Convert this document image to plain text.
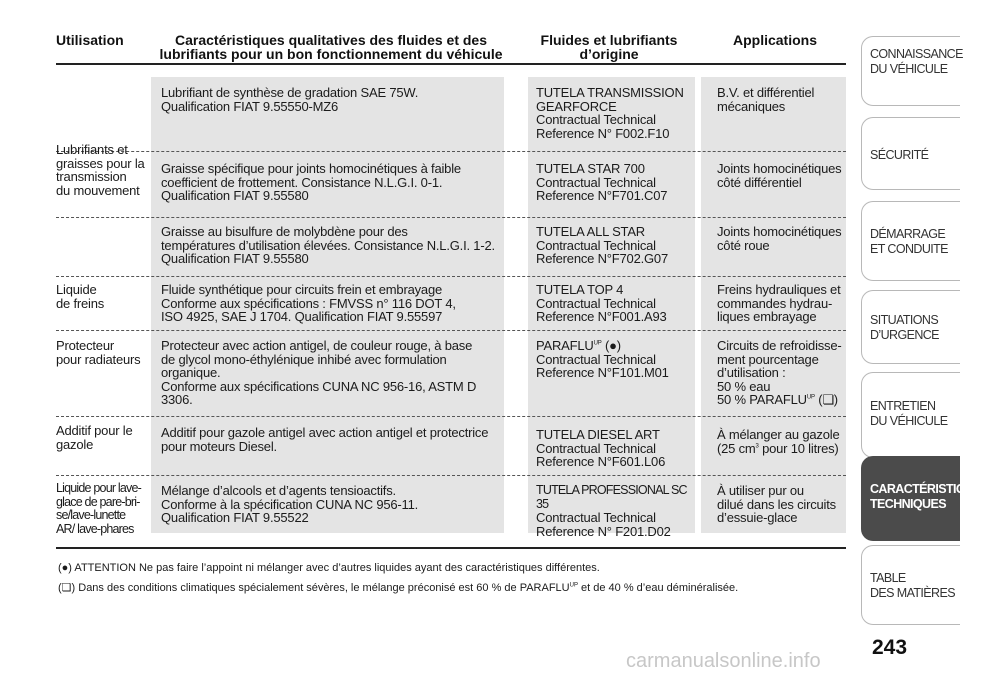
Utilisation	Caractéristiques qualitatives des fluides et des
lubrifiants pour un bon fonctionnement du véhicule
Fluides et lubrifiants
d’origine
Applications
Lubrifiants et
graisses pour la
transmission
du mouvement
Liquide
de freins
Protecteur
pour radiateurs
Additif pour le
gazole
Liquide pour lave-
glace de pare-bri-
se/lave-lunette
AR/ lave-phares
Lubrifiant de synthèse de gradation SAE 75W.
Qualification FIAT 9.55550-MZ6
TUTELA TRANSMISSION
GEARFORCE
Contractual Technical
Reference N° F002.F10
B.V. et différentiel
mécaniques
Graisse spécifique pour joints homocinétiques à faible
coefficient de frottement. Consistance N.L.G.I. 0-1.
Qualification FIAT 9.55580
TUTELA STAR 700
Contractual Technical
Reference N°F701.C07
Joints homocinétiques
côté différentiel
Graisse au bisulfure de molybdène pour des
températures d’utilisation élevées. Consistance N.L.G.I. 1-2.
Qualification FIAT 9.55580
TUTELA ALL STAR
Contractual Technical
Reference N°F702.G07
Joints homocinétiques
côté roue
Fluide synthétique pour circuits frein et embrayage
Conforme aux spécifications : FMVSS n° 116 DOT 4,
ISO 4925, SAE J 1704. Qualification FIAT 9.55597
TUTELA TOP 4
Contractual Technical
Reference N°F001.A93
Freins hydrauliques et
commandes hydrau-
liques embrayage
Protecteur avec action antigel, de couleur rouge, à base
de glycol mono-éthylénique inhibé avec formulation organique.
Conforme aux spécifications CUNA NC 956-16, ASTM D 3306.
$PARAFLU^{UP}$ (●)
Contractual Technical
Reference N°F101.M01
Circuits de refroidisse-
ment pourcentage
d’utilisation :
50 % eau
50 % $PARAFLU^{UP}$ (❏)
Additif pour gazole antigel avec action antigel et protectrice
pour moteurs Diesel.
TUTELA DIESEL ART
Contractual Technical
Reference N°F601.L06
À mélanger au gazole
(25 $cm^3$ pour 10 litres)
Mélange d’alcools et d’agents tensioactifs.
Conforme à la spécification CUNA NC 956-11.
Qualification FIAT 9.55522
TUTELA PROFESSIONAL SC 35
Contractual Technical
Reference N° F201.D02
À utiliser pur ou
dilué dans les circuits
d’essuie-glace
(●) ATTENTION Ne pas faire l’appoint ni mélanger avec d’autres liquides ayant des caractéristiques différentes.
(❏) Dans des conditions climatiques spécialement sévères, le mélange préconisé est 60 % de $PARAFLU^{UP}$ et de 40 % d’eau déminéralisée.
CONNAISSANCE
DU VÉHICULE
SÉCURITÉ
DÉMARRAGE
ET CONDUITE
SITUATIONS
D’URGENCE
ENTRETIEN
DU VÉHICULE
CARACTÉRISTIQUES
TECHNIQUES
TABLE
DES MATIÈRES
243
carmanualsonline.info
